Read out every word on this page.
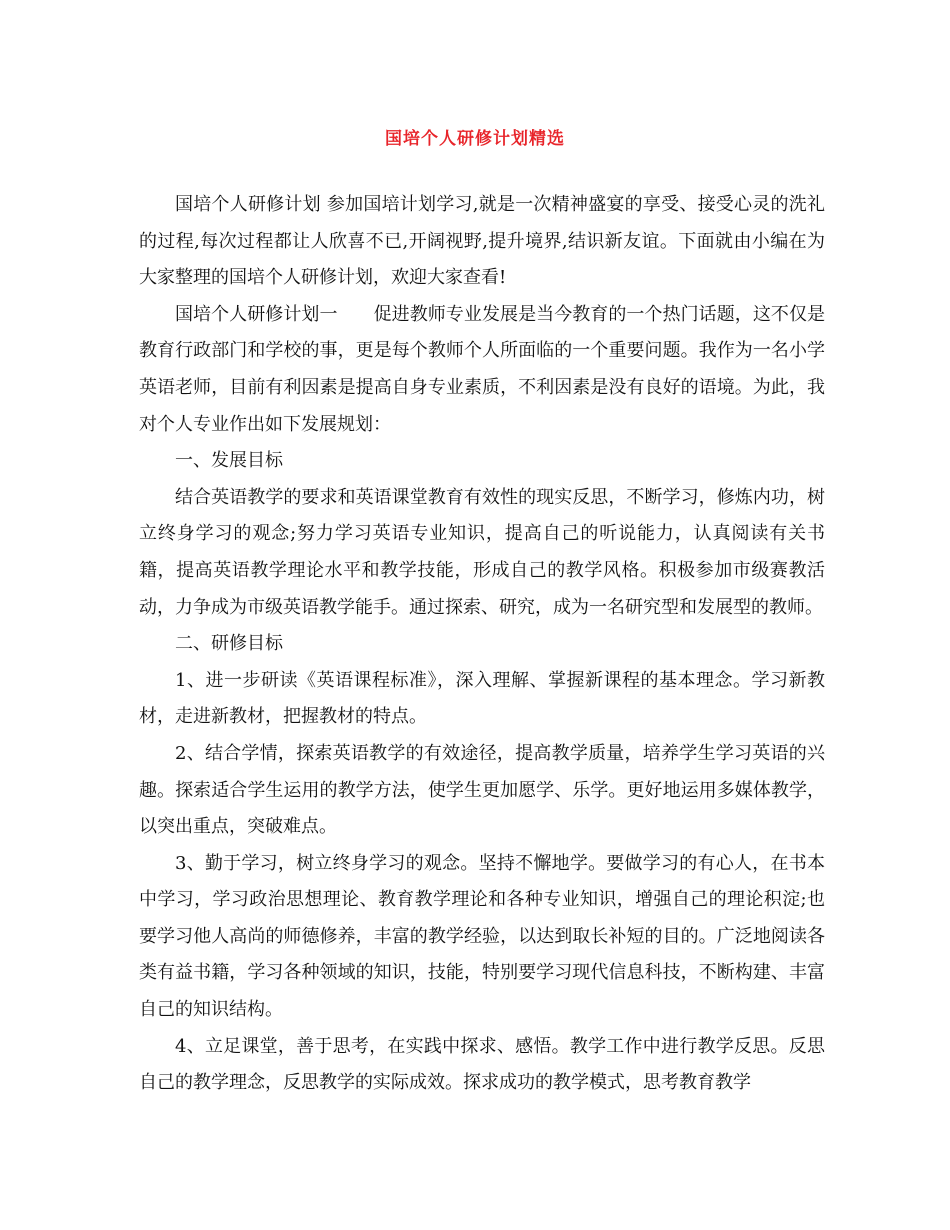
国培个人研修计划精选

国培个人研修计划 参加国培计划学习,就是一次精神盛宴的享受、接受心灵的洗礼的过程,每次过程都让人欣喜不已,开阔视野,提升境界,结识新友谊。下面就由小编在为大家整理的国培个人研修计划，欢迎大家查看!

国培个人研修计划一　　促进教师专业发展是当今教育的一个热门话题，这不仅是教育行政部门和学校的事，更是每个教师个人所面临的一个重要问题。我作为一名小学英语老师，目前有利因素是提高自身专业素质，不利因素是没有良好的语境。为此，我对个人专业作出如下发展规划：

一、发展目标

结合英语教学的要求和英语课堂教育有效性的现实反思，不断学习，修炼内功，树立终身学习的观念;努力学习英语专业知识，提高自己的听说能力，认真阅读有关书籍，提高英语教学理论水平和教学技能，形成自己的教学风格。积极参加市级赛教活动，力争成为市级英语教学能手。通过探索、研究，成为一名研究型和发展型的教师。

二、研修目标

1、进一步研读《英语课程标准》，深入理解、掌握新课程的基本理念。学习新教材，走进新教材，把握教材的特点。

2、结合学情，探索英语教学的有效途径，提高教学质量，培养学生学习英语的兴趣。探索适合学生运用的教学方法，使学生更加愿学、乐学。更好地运用多媒体教学，以突出重点，突破难点。

3、勤于学习，树立终身学习的观念。坚持不懈地学。要做学习的有心人，在书本中学习，学习政治思想理论、教育教学理论和各种专业知识，增强自己的理论积淀;也要学习他人高尚的师德修养，丰富的教学经验，以达到取长补短的目的。广泛地阅读各类有益书籍，学习各种领域的知识，技能，特别要学习现代信息科技，不断构建、丰富自己的知识结构。

4、立足课堂，善于思考，在实践中探求、感悟。教学工作中进行教学反思。反思自己的教学理念，反思教学的实际成效。探求成功的教学模式，思考教育教学
